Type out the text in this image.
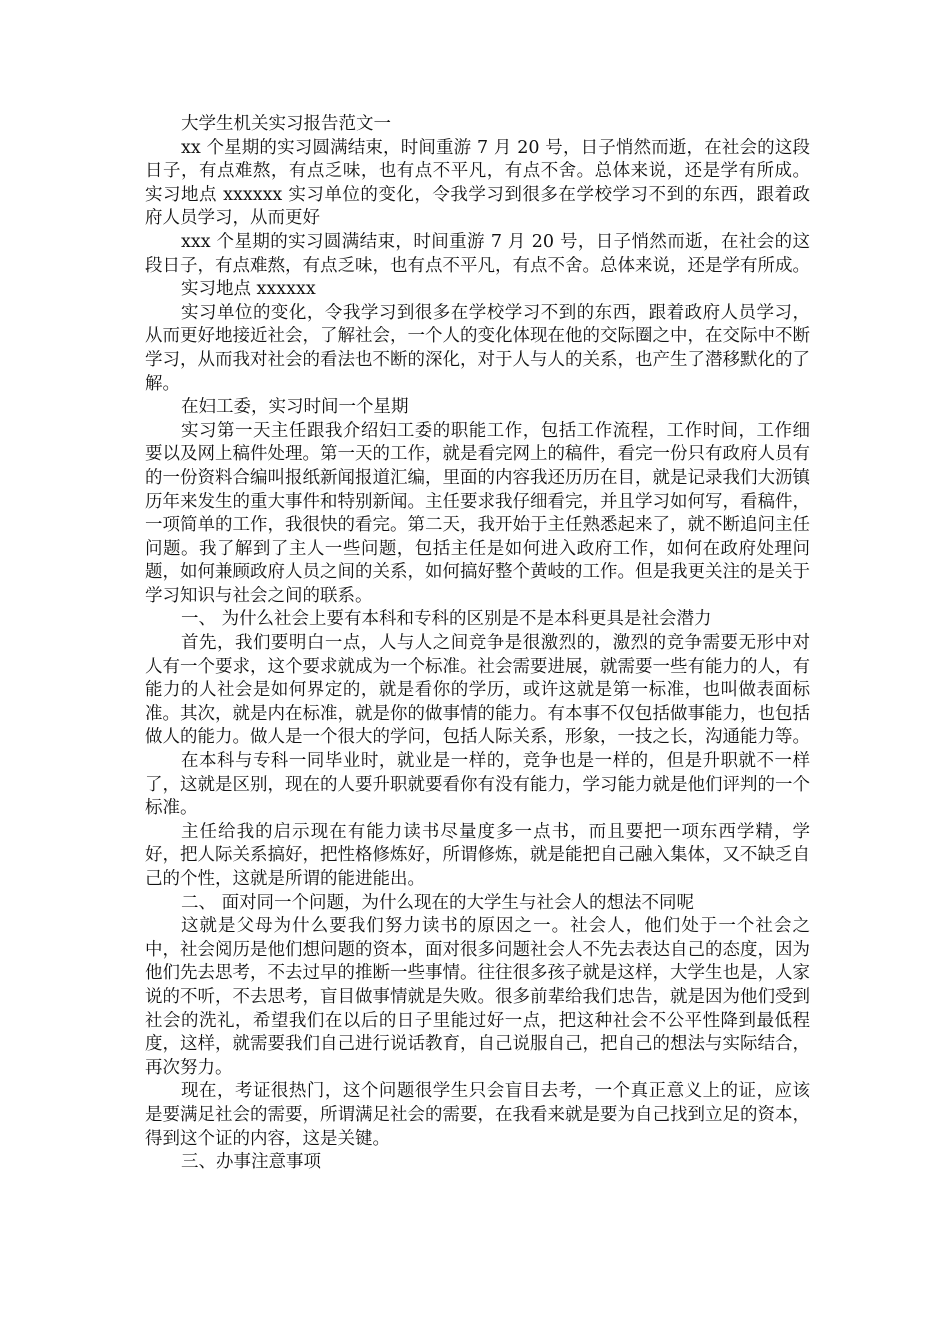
大学生机关实习报告范文一

xx 个星期的实习圆满结束，时间重游 7 月 20 号，日子悄然而逝，在社会的这段日子，有点难熬，有点乏味，也有点不平凡，有点不舍。总体来说，还是学有所成。 实习地点 xxxxxx 实习单位的变化，令我学习到很多在学校学习不到的东西，跟着政府人员学习，从而更好

xxx 个星期的实习圆满结束，时间重游 7 月 20 号，日子悄然而逝，在社会的这段日子，有点难熬，有点乏味，也有点不平凡，有点不舍。总体来说，还是学有所成。

实习地点 xxxxxx

实习单位的变化，令我学习到很多在学校学习不到的东西，跟着政府人员学习，从而更好地接近社会，了解社会，一个人的变化体现在他的交际圈之中，在交际中不断学习，从而我对社会的看法也不断的深化，对于人与人的关系，也产生了潜移默化的了解。

在妇工委，实习时间一个星期

实习第一天主任跟我介绍妇工委的职能工作，包括工作流程，工作时间，工作细要以及网上稿件处理。第一天的工作，就是看完网上的稿件，看完一份只有政府人员有的一份资料合编叫报纸新闻报道汇编，里面的内容我还历历在目，就是记录我们大沥镇历年来发生的重大事件和特别新闻。主任要求我仔细看完，并且学习如何写，看稿件，一项简单的工作，我很快的看完。第二天，我开始于主任熟悉起来了，就不断追问主任问题。我了解到了主人一些问题，包括主任是如何进入政府工作，如何在政府处理问题，如何兼顾政府人员之间的关系，如何搞好整个黄岐的工作。但是我更关注的是关于学习知识与社会之间的联系。

一、 为什么社会上要有本科和专科的区别是不是本科更具是社会潜力

首先，我们要明白一点，人与人之间竞争是很激烈的，激烈的竞争需要无形中对人有一个要求，这个要求就成为一个标准。社会需要进展，就需要一些有能力的人，有能力的人社会是如何界定的，就是看你的学历，或许这就是第一标准，也叫做表面标准。其次，就是内在标准，就是你的做事情的能力。有本事不仅包括做事能力，也包括做人的能力。做人是一个很大的学问，包括人际关系，形象，一技之长，沟通能力等。

在本科与专科一同毕业时，就业是一样的，竞争也是一样的，但是升职就不一样了，这就是区别，现在的人要升职就要看你有没有能力，学习能力就是他们评判的一个标准。

主任给我的启示现在有能力读书尽量度多一点书，而且要把一项东西学精，学好，把人际关系搞好，把性格修炼好，所谓修炼，就是能把自己融入集体，又不缺乏自己的个性，这就是所谓的能进能出。

二、 面对同一个问题，为什么现在的大学生与社会人的想法不同呢

这就是父母为什么要我们努力读书的原因之一。社会人，他们处于一个社会之中，社会阅历是他们想问题的资本，面对很多问题社会人不先去表达自己的态度，因为他们先去思考，不去过早的推断一些事情。往往很多孩子就是这样，大学生也是，人家说的不听，不去思考，盲目做事情就是失败。很多前辈给我们忠告，就是因为他们受到社会的洗礼，希望我们在以后的日子里能过好一点，把这种社会不公平性降到最低程度，这样，就需要我们自己进行说话教育，自己说服自己，把自己的想法与实际结合，再次努力。

现在，考证很热门，这个问题很学生只会盲目去考，一个真正意义上的证，应该是要满足社会的需要，所谓满足社会的需要，在我看来就是要为自己找到立足的资本，得到这个证的内容，这是关键。

三、办事注意事项
